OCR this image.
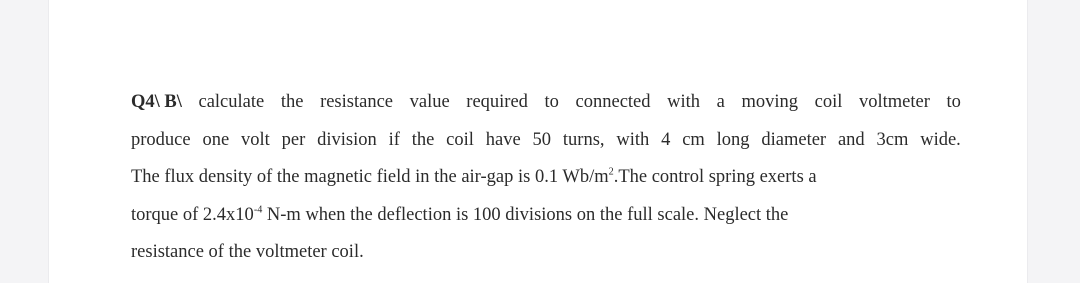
Q4\ B\ calculate the resistance value required to connected with a moving coil voltmeter to
produce one volt per division if the coil have 50 turns, with 4 cm long diameter and 3cm wide.
The flux density of the magnetic field in the air-gap is 0.1 $Wb/m^2.The$ control spring exerts a
torque of $2.4x10^{-4}$ N-m when the deflection is 100 divisions on the full scale. Neglect the
resistance of the voltmeter coil.
